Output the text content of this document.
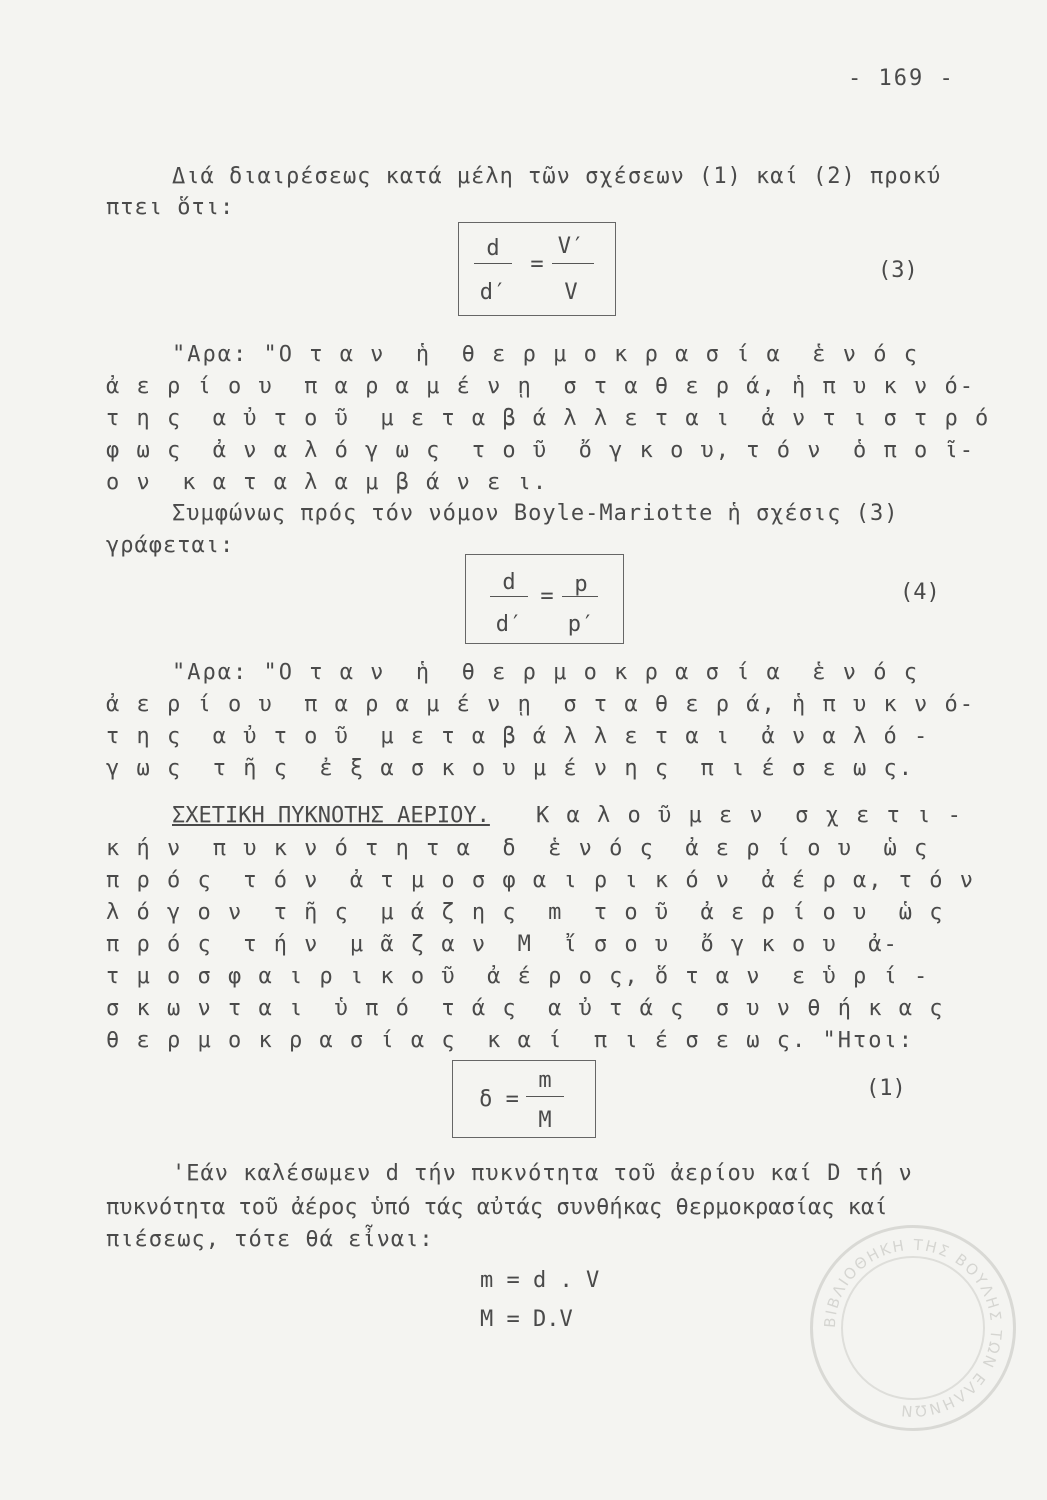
- 169 -
Διά διαιρέσεως κατά μέλη τῶν σχέσεων (1) καί (2) προκύ
πτει ὅτι:
d
d′
=
V′
V
(3)
"Αρα: "Ο τ α ν  ἡ  θ ε ρ μ ο κ ρ α σ ί α  ἑ ν ό ς
ἀ ε ρ ί ο υ  π α ρ α μ έ ν ῃ  σ τ α θ ε ρ ά, ἡ π υ κ ν ό-
τ η ς  α ὐ τ ο ῦ  μ ε τ α β ά λ λ ε τ α ι  ἀ ν τ ι σ τ ρ ό
φ ω ς  ἀ ν α λ ό γ ω ς  τ ο ῦ  ὄ γ κ ο υ, τ ό ν  ὁ π ο ῖ-
ο ν  κ α τ α λ α μ β ά ν ε ι.
Συμφώνως πρός τόν νόμον Boyle-Mariotte ἡ σχέσις (3)
γράφεται:
d
d′
= p
p′
(4)
"Αρα: "Ο τ α ν  ἡ  θ ε ρ μ ο κ ρ α σ ί α  ἑ ν ό ς
ἀ ε ρ ί ο υ  π α ρ α μ έ ν ῃ  σ τ α θ ε ρ ά, ἡ π υ κ ν ό-
τ η ς  α ὐ τ ο ῦ  μ ε τ α β ά λ λ ε τ α ι  ἀ ν α λ ό -
γ ω ς  τ ῆ ς  ἐ ξ α σ κ ο υ μ έ ν η ς  π ι έ σ ε ω ς.
ΣΧΕΤΙΚΗ ΠΥΚΝΟΤΗΣ ΑΕΡΙΟΥ. Κ α λ ο ῦ μ ε ν  σ χ ε τ ι -
κ ή ν  π υ κ ν ό τ η τ α  δ  ἑ ν ό ς  ἀ ε ρ ί ο υ  ὡ ς
π ρ ό ς  τ ό ν  ἀ τ μ ο σ φ α ι ρ ι κ ό ν  ἀ έ ρ α, τ ό ν
λ ό γ ο ν  τ ῆ ς  μ ά ζ η ς  m  τ ο ῦ  ἀ ε ρ ί ο υ  ὡ ς
π ρ ό ς  τ ή ν  μ ᾶ ζ α ν  M  ἴ σ ο υ  ὄ γ κ ο υ  ἀ-
τ μ ο σ φ α ι ρ ι κ ο ῦ  ἀ έ ρ ο ς, ὅ τ α ν  ε ὑ ρ ί -
σ κ ω ν τ α ι  ὑ π ό  τ ά ς  α ὐ τ ά ς  σ υ ν θ ή κ α ς
θ ε ρ μ ο κ ρ α σ ί α ς  κ α ί  π ι έ σ ε ω ς. "Ητοι:
δ =
m
M
(1)
'Εάν καλέσωμεν d τήν πυκνότητα τοῦ ἀερίου καί D τή ν
πυκνότητα τοῦ ἀέρος ὑπό τάς αὐτάς συνθήκας θερμοκρασίας καί
πιέσεως, τότε θά εἶναι:
m = d . V
M = D.V	ΒΙΒΛΙΟΘΗΚΗ ΤΗΣ ΒΟΥΛΗΣ ΤΩΝ ΕΛΛΗΝΩΝ
